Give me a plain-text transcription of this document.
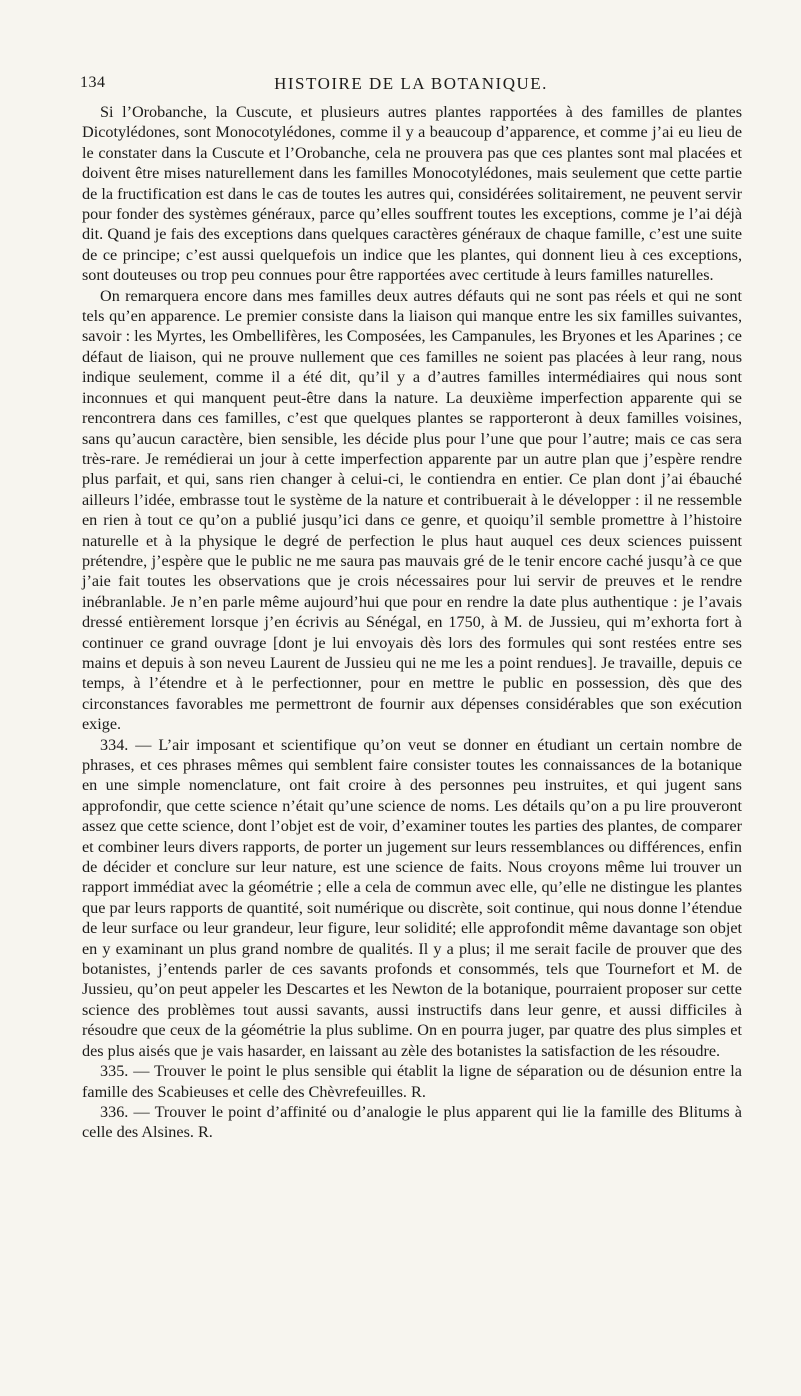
134	HISTOIRE DE LA BOTANIQUE.

Si l’Orobanche, la Cuscute, et plusieurs autres plantes rapportées à des familles de plantes Dicotylédones, sont Monocotylédones, comme il y a beaucoup d’apparence, et comme j’ai eu lieu de le constater dans la Cuscute et l’Orobanche, cela ne prouvera pas que ces plantes sont mal placées et doivent être mises naturellement dans les familles Monocotylédones, mais seulement que cette partie de la fructification est dans le cas de toutes les autres qui, considérées solitairement, ne peuvent servir pour fonder des systèmes généraux, parce qu’elles souffrent toutes les exceptions, comme je l’ai déjà dit. Quand je fais des exceptions dans quelques caractères généraux de chaque famille, c’est une suite de ce principe; c’est aussi quelquefois un indice que les plantes, qui donnent lieu à ces exceptions, sont douteuses ou trop peu connues pour être rapportées avec certitude à leurs familles naturelles.

On remarquera encore dans mes familles deux autres défauts qui ne sont pas réels et qui ne sont tels qu’en apparence. Le premier consiste dans la liaison qui manque entre les six familles suivantes, savoir : les Myrtes, les Ombellifères, les Composées, les Campanules, les Bryones et les Aparines ; ce défaut de liaison, qui ne prouve nullement que ces familles ne soient pas placées à leur rang, nous indique seulement, comme il a été dit, qu’il y a d’autres familles intermédiaires qui nous sont inconnues et qui manquent peut-être dans la nature. La deuxième imperfection apparente qui se rencontrera dans ces familles, c’est que quelques plantes se rapporteront à deux familles voisines, sans qu’aucun caractère, bien sensible, les décide plus pour l’une que pour l’autre; mais ce cas sera très-rare. Je remédierai un jour à cette imperfection apparente par un autre plan que j’espère rendre plus parfait, et qui, sans rien changer à celui-ci, le contiendra en entier. Ce plan dont j’ai ébauché ailleurs l’idée, embrasse tout le système de la nature et contribuerait à le développer : il ne ressemble en rien à tout ce qu’on a publié jusqu’ici dans ce genre, et quoiqu’il semble promettre à l’histoire naturelle et à la physique le degré de perfection le plus haut auquel ces deux sciences puissent prétendre, j’espère que le public ne me saura pas mauvais gré de le tenir encore caché jusqu’à ce que j’aie fait toutes les observations que je crois nécessaires pour lui servir de preuves et le rendre inébranlable. Je n’en parle même aujourd’hui que pour en rendre la date plus authentique : je l’avais dressé entièrement lorsque j’en écrivis au Sénégal, en 1750, à M. de Jussieu, qui m’exhorta fort à continuer ce grand ouvrage [dont je lui envoyais dès lors des formules qui sont restées entre ses mains et depuis à son neveu Laurent de Jussieu qui ne me les a point rendues]. Je travaille, depuis ce temps, à l’étendre et à le perfectionner, pour en mettre le public en possession, dès que des circonstances favorables me permettront de fournir aux dépenses considérables que son exécution exige.

334. — L’air imposant et scientifique qu’on veut se donner en étudiant un certain nombre de phrases, et ces phrases mêmes qui semblent faire consister toutes les connaissances de la botanique en une simple nomenclature, ont fait croire à des personnes peu instruites, et qui jugent sans approfondir, que cette science n’était qu’une science de noms. Les détails qu’on a pu lire prouveront assez que cette science, dont l’objet est de voir, d’examiner toutes les parties des plantes, de comparer et combiner leurs divers rapports, de porter un jugement sur leurs ressemblances ou différences, enfin de décider et conclure sur leur nature, est une science de faits. Nous croyons même lui trouver un rapport immédiat avec la géométrie ; elle a cela de commun avec elle, qu’elle ne distingue les plantes que par leurs rapports de quantité, soit numérique ou discrète, soit continue, qui nous donne l’étendue de leur surface ou leur grandeur, leur figure, leur solidité; elle approfondit même davantage son objet en y examinant un plus grand nombre de qualités. Il y a plus; il me serait facile de prouver que des botanistes, j’entends parler de ces savants profonds et consommés, tels que Tournefort et M. de Jussieu, qu’on peut appeler les Descartes et les Newton de la botanique, pourraient proposer sur cette science des problèmes tout aussi savants, aussi instructifs dans leur genre, et aussi difficiles à résoudre que ceux de la géométrie la plus sublime. On en pourra juger, par quatre des plus simples et des plus aisés que je vais hasarder, en laissant au zèle des botanistes la satisfaction de les résoudre.

335. — Trouver le point le plus sensible qui établit la ligne de séparation ou de désunion entre la famille des Scabieuses et celle des Chèvrefeuilles. R.

336. — Trouver le point d’affinité ou d’analogie le plus apparent qui lie la famille des Blitums à celle des Alsines. R.
